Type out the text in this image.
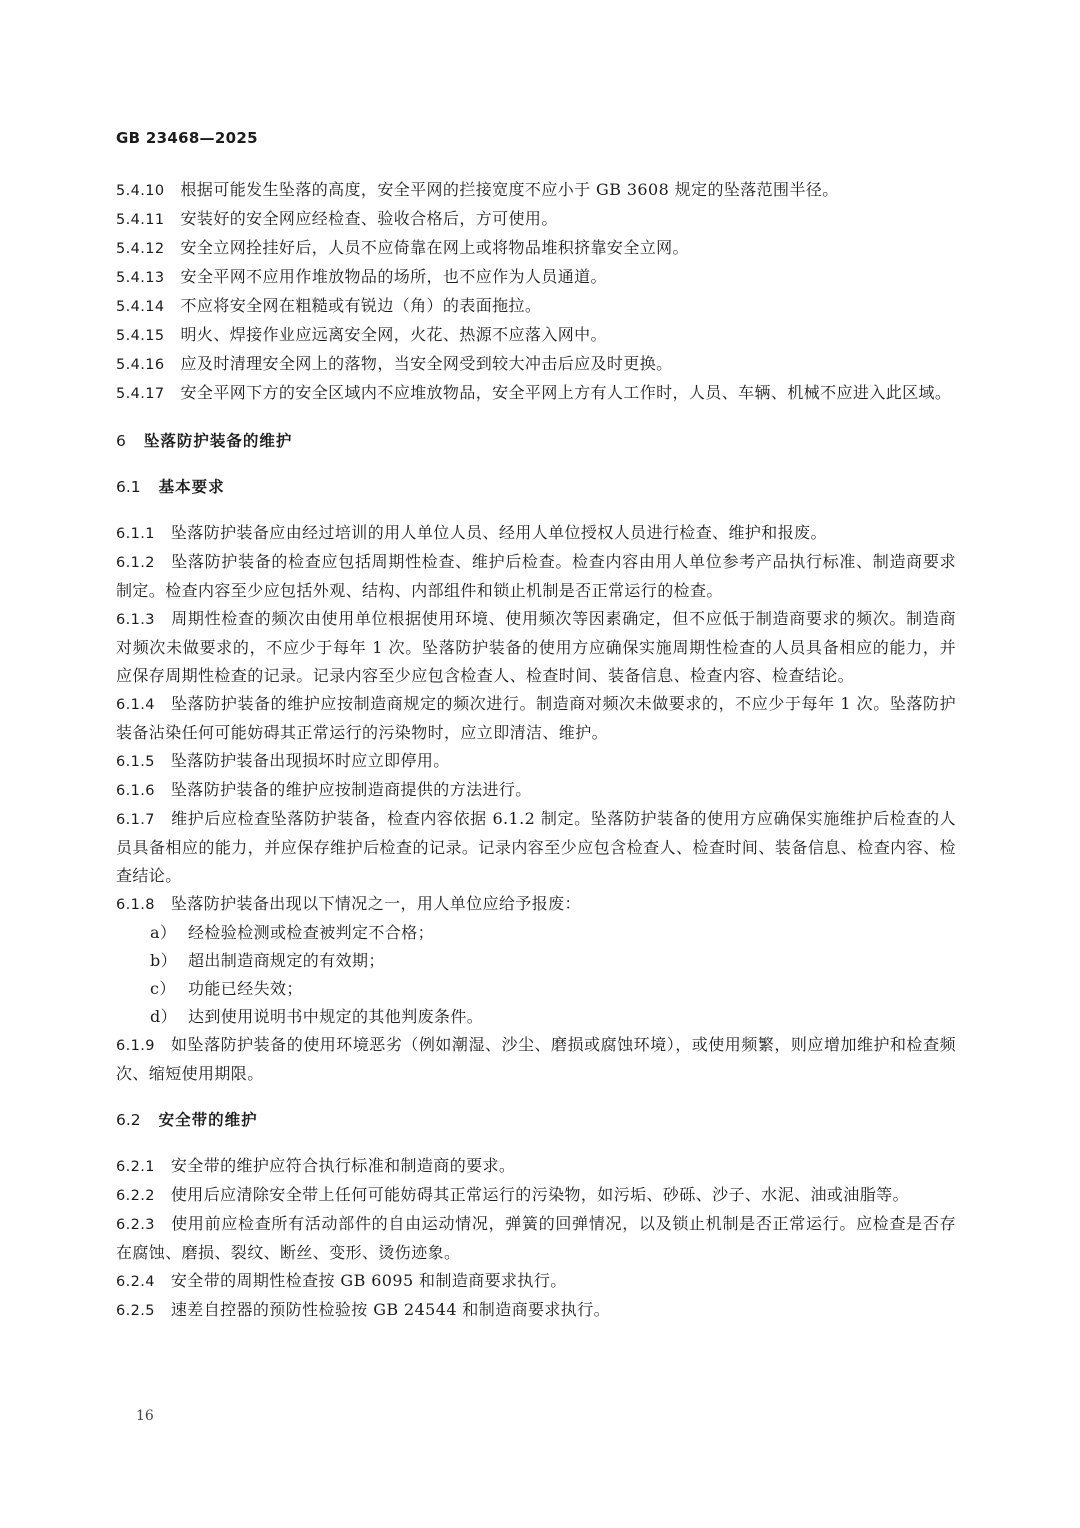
GB 23468—2025

5.4.10 根据可能发生坠落的高度，安全平网的拦接宽度不应小于 GB 3608 规定的坠落范围半径。

5.4.11 安装好的安全网应经检查、验收合格后，方可使用。

5.4.12 安全立网拴挂好后，人员不应倚靠在网上或将物品堆积挤靠安全立网。

5.4.13 安全平网不应用作堆放物品的场所，也不应作为人员通道。

5.4.14 不应将安全网在粗糙或有锐边（角）的表面拖拉。

5.4.15 明火、焊接作业应远离安全网，火花、热源不应落入网中。

5.4.16 应及时清理安全网上的落物，当安全网受到较大冲击后应及时更换。

5.4.17 安全平网下方的安全区域内不应堆放物品，安全平网上方有人工作时，人员、车辆、机械不应进入此区域。

6 坠落防护装备的维护

6.1 基本要求

6.1.1 坠落防护装备应由经过培训的用人单位人员、经用人单位授权人员进行检查、维护和报废。

6.1.2 坠落防护装备的检查应包括周期性检查、维护后检查。检查内容由用人单位参考产品执行标准、制造商要求制定。检查内容至少应包括外观、结构、内部组件和锁止机制是否正常运行的检查。

6.1.3 周期性检查的频次由使用单位根据使用环境、使用频次等因素确定，但不应低于制造商要求的频次。制造商对频次未做要求的，不应少于每年 1 次。坠落防护装备的使用方应确保实施周期性检查的人员具备相应的能力，并应保存周期性检查的记录。记录内容至少应包含检查人、检查时间、装备信息、检查内容、检查结论。

6.1.4 坠落防护装备的维护应按制造商规定的频次进行。制造商对频次未做要求的，不应少于每年 1 次。坠落防护装备沾染任何可能妨碍其正常运行的污染物时，应立即清洁、维护。

6.1.5 坠落防护装备出现损坏时应立即停用。

6.1.6 坠落防护装备的维护应按制造商提供的方法进行。

6.1.7 维护后应检查坠落防护装备，检查内容依据 6.1.2 制定。坠落防护装备的使用方应确保实施维护后检查的人员具备相应的能力，并应保存维护后检查的记录。记录内容至少应包含检查人、检查时间、装备信息、检查内容、检查结论。

6.1.8 坠落防护装备出现以下情况之一，用人单位应给予报废：

a） 经检验检测或检查被判定不合格；

b） 超出制造商规定的有效期；

c） 功能已经失效；

d） 达到使用说明书中规定的其他判废条件。

6.1.9 如坠落防护装备的使用环境恶劣（例如潮湿、沙尘、磨损或腐蚀环境），或使用频繁，则应增加维护和检查频次、缩短使用期限。

6.2 安全带的维护

6.2.1 安全带的维护应符合执行标准和制造商的要求。

6.2.2 使用后应清除安全带上任何可能妨碍其正常运行的污染物，如污垢、砂砾、沙子、水泥、油或油脂等。

6.2.3 使用前应检查所有活动部件的自由运动情况，弹簧的回弹情况，以及锁止机制是否正常运行。应检查是否存在腐蚀、磨损、裂纹、断丝、变形、烫伤迹象。

6.2.4 安全带的周期性检查按 GB 6095 和制造商要求执行。

6.2.5 速差自控器的预防性检验按 GB 24544 和制造商要求执行。

16
